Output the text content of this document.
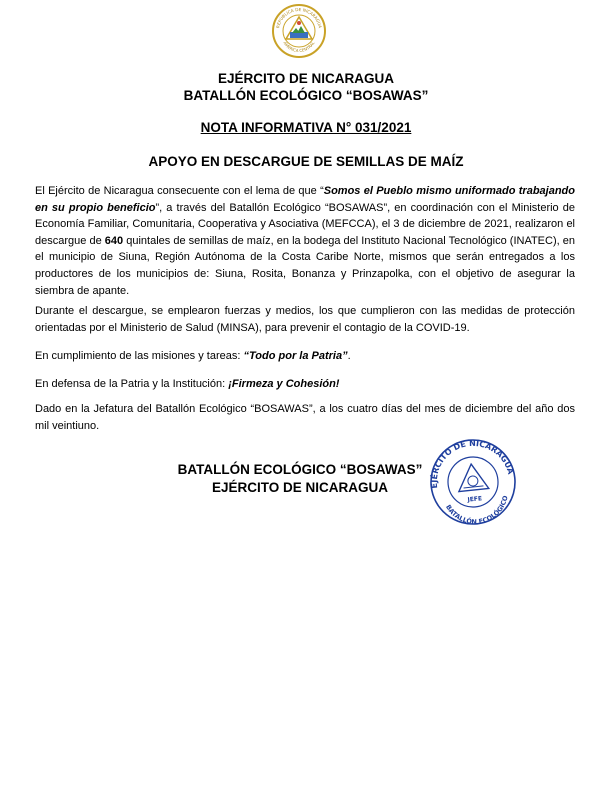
REPÚBLICA DE NICARAGUA
AMERICA CENTRAL
EJÉRCITO DE NICARAGUA
BATALLÓN ECOLÓGICO “BOSAWAS”
NOTA INFORMATIVA N° 031/2021
APOYO EN DESCARGUE DE SEMILLAS DE MAÍZ
El Ejército de Nicaragua consecuente con el lema de que “Somos el Pueblo mismo uniformado trabajando en su propio beneficio”, a través del Batallón Ecológico “BOSAWAS”, en coordinación con el Ministerio de Economía Familiar, Comunitaria, Cooperativa y Asociativa (MEFCCA), el 3 de diciembre de 2021, realizaron el descargue de 640 quintales de semillas de maíz, en la bodega del Instituto Nacional Tecnológico (INATEC), en el municipio de Siuna, Región Autónoma de la Costa Caribe Norte, mismos que serán entregados a los productores de los municipios de: Siuna, Rosita, Bonanza y Prinzapolka, con el objetivo de asegurar la siembra de apante.
Durante el descargue, se emplearon fuerzas y medios, los que cumplieron con las medidas de protección orientadas por el Ministerio de Salud (MINSA), para prevenir el contagio de la COVID-19.
En cumplimiento de las misiones y tareas: “Todo por la Patria”.
En defensa de la Patria y la Institución: ¡Firmeza y Cohesión!
Dado en la Jefatura del Batallón Ecológico “BOSAWAS”, a los cuatro días del mes de diciembre del año dos mil veintiuno.
BATALLÓN ECOLÓGICO “BOSAWAS”
EJÉRCITO DE NICARAGUA
JEFE
EJÉRCITO DE NICARAGUA
BATALLÓN ECOLÓGICO
